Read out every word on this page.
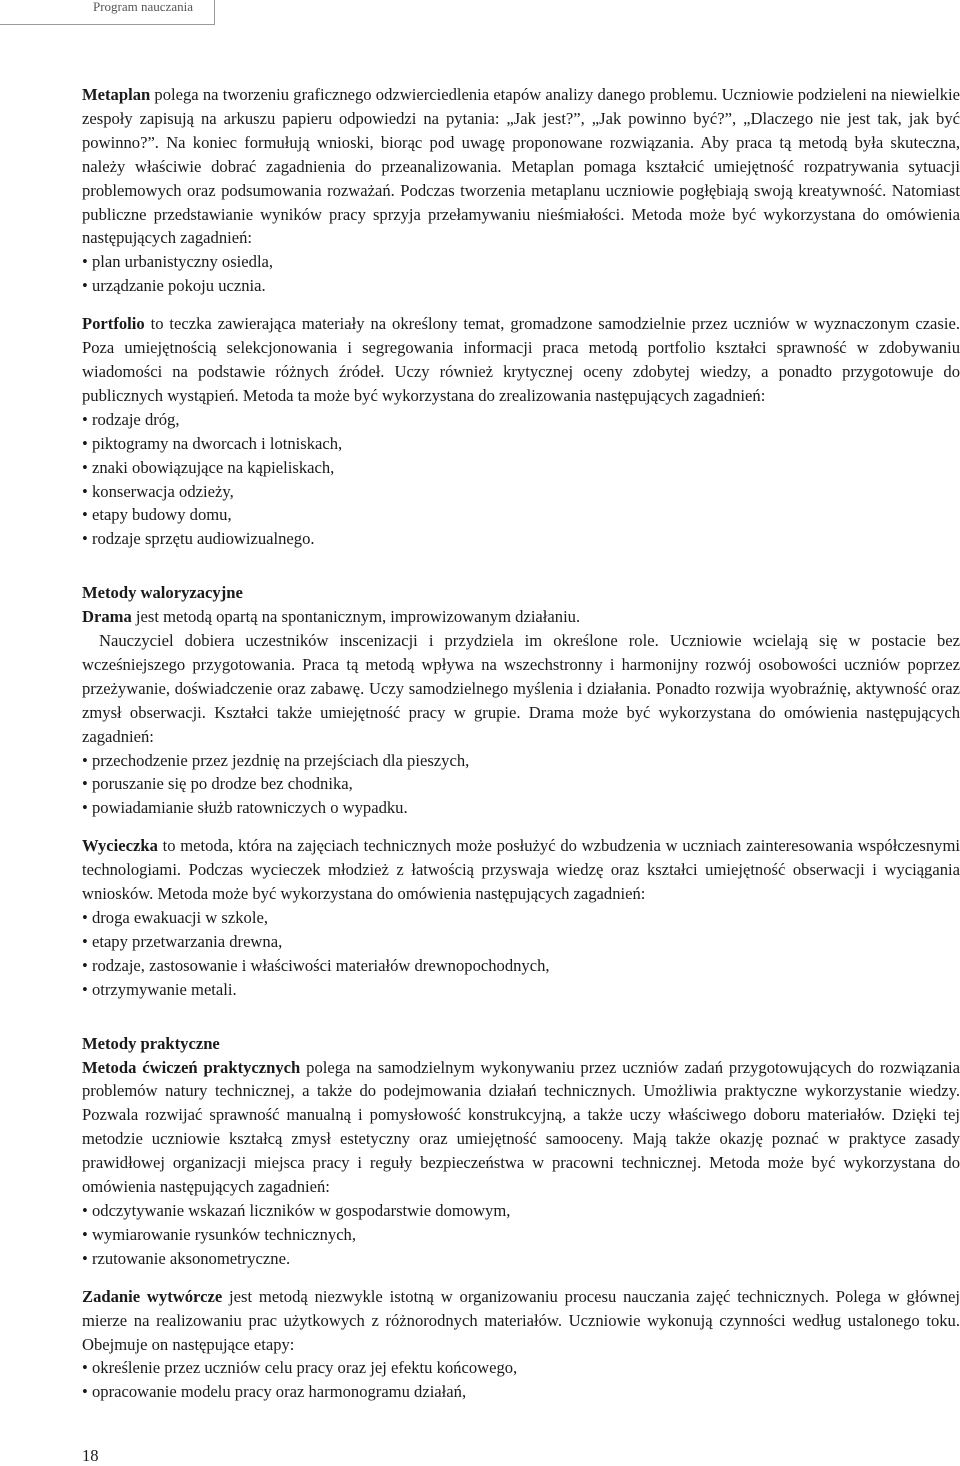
Program nauczania

Metaplan polega na tworzeniu graficznego odzwierciedlenia etapów analizy danego problemu. Uczniowie podzieleni na niewielkie zespoły zapisują na arkuszu papieru odpowiedzi na pytania: „Jak jest?”, „Jak powinno być?”, „Dlaczego nie jest tak, jak być powinno?”. Na koniec formułują wnioski, biorąc pod uwagę proponowane rozwiązania. Aby praca tą metodą była skuteczna, należy właściwie dobrać zagadnienia do przeanalizowania. Metaplan pomaga kształcić umiejętność rozpatrywania sytuacji problemowych oraz podsumowania rozważań. Podczas tworzenia metaplanu uczniowie pogłębiają swoją kreatywność. Natomiast publiczne przedstawianie wyników pracy sprzyja przełamywaniu nieśmiałości. Metoda może być wykorzystana do omówienia następujących zagadnień:

• plan urbanistyczny osiedla,
• urządzanie pokoju ucznia.

Portfolio to teczka zawierająca materiały na określony temat, gromadzone samodzielnie przez uczniów w wyznaczonym czasie. Poza umiejętnością selekcjonowania i segregowania informacji praca metodą portfolio kształci sprawność w zdobywaniu wiadomości na podstawie różnych źródeł. Uczy również krytycznej oceny zdobytej wiedzy, a ponadto przygotowuje do publicznych wystąpień. Metoda ta może być wykorzystana do zrealizowania następujących zagadnień:

• rodzaje dróg,
• piktogramy na dworcach i lotniskach,
• znaki obowiązujące na kąpieliskach,
• konserwacja odzieży,
• etapy budowy domu,
• rodzaje sprzętu audiowizualnego.

Metody waloryzacyjne

Drama jest metodą opartą na spontanicznym, improwizowanym działaniu.

Nauczyciel dobiera uczestników inscenizacji i przydziela im określone role. Uczniowie wcielają się w postacie bez wcześniejszego przygotowania. Praca tą metodą wpływa na wszechstronny i harmonijny rozwój osobowości uczniów poprzez przeżywanie, doświadczenie oraz zabawę. Uczy samodzielnego myślenia i działania. Ponadto rozwija wyobraźnię, aktywność oraz zmysł obserwacji. Kształci także umiejętność pracy w grupie. Drama może być wykorzystana do omówienia następujących zagadnień:

• przechodzenie przez jezdnię na przejściach dla pieszych,
• poruszanie się po drodze bez chodnika,
• powiadamianie służb ratowniczych o wypadku.

Wycieczka to metoda, która na zajęciach technicznych może posłużyć do wzbudzenia w uczniach zainteresowania współczesnymi technologiami. Podczas wycieczek młodzież z łatwością przyswaja wiedzę oraz kształci umiejętność obserwacji i wyciągania wniosków. Metoda może być wykorzystana do omówienia następujących zagadnień:

• droga ewakuacji w szkole,
• etapy przetwarzania drewna,
• rodzaje, zastosowanie i właściwości materiałów drewnopochodnych,
• otrzymywanie metali.

Metody praktyczne

Metoda ćwiczeń praktycznych polega na samodzielnym wykonywaniu przez uczniów zadań przygotowujących do rozwiązania problemów natury technicznej, a także do podejmowania działań technicznych. Umożliwia praktyczne wykorzystanie wiedzy. Pozwala rozwijać sprawność manualną i pomysłowość konstrukcyjną, a także uczy właściwego doboru materiałów. Dzięki tej metodzie uczniowie kształcą zmysł estetyczny oraz umiejętność samooceny. Mają także okazję poznać w praktyce zasady prawidłowej organizacji miejsca pracy i reguły bezpieczeństwa w pracowni technicznej. Metoda może być wykorzystana do omówienia następujących zagadnień:

• odczytywanie wskazań liczników w gospodarstwie domowym,
• wymiarowanie rysunków technicznych,
• rzutowanie aksonometryczne.

Zadanie wytwórcze jest metodą niezwykle istotną w organizowaniu procesu nauczania zajęć technicznych. Polega w głównej mierze na realizowaniu prac użytkowych z różnorodnych materiałów. Uczniowie wykonują czynności według ustalonego toku. Obejmuje on następujące etapy:

• określenie przez uczniów celu pracy oraz jej efektu końcowego,
• opracowanie modelu pracy oraz harmonogramu działań,
18
